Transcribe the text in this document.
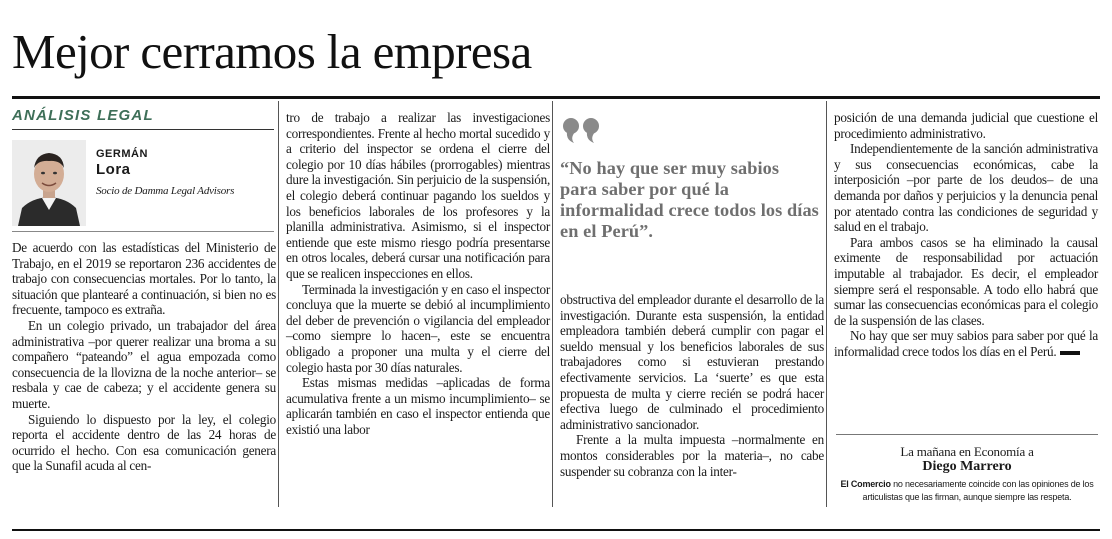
Mejor cerramos la empresa
ANÁLISIS LEGAL
GERMÁN
Lora
Socio de Damma Legal Advisors

De acuerdo con las estadísticas del Ministerio de Trabajo, en el 2019 se reportaron 236 accidentes de trabajo con consecuencias mortales. Por lo tanto, la situación que plantearé a continuación, si bien no es frecuente, tampoco es extraña.

En un colegio privado, un trabajador del área administrativa –por querer realizar una broma a su compañero “pateando” el agua empozada como consecuencia de la lloviznа de la noche anterior– se resbala y cae de cabeza; y el accidente genera su muerte.

Siguiendo lo dispuesto por la ley, el colegio reporta el accidente dentro de las 24 horas de ocurrido el hecho. Con esa comunicación genera que la Sunafil acuda al cen-

tro de trabajo a realizar las investigaciones correspondientes. Frente al hecho mortal sucedido y a criterio del inspector se ordena el cierre del colegio por 10 días hábiles (prorrogables) mientras dure la investigación. Sin perjuicio de la suspensión, el colegio deberá continuar pagando los sueldos y los beneficios laborales de los profesores y la planilla administrativa. Asimismo, si el inspector entiende que este mismo riesgo podría presentarse en otros locales, deberá cursar una notificación para que se realicen inspecciones en ellos.

Terminada la investigación y en caso el inspector concluya que la muerte se debió al incumplimiento del deber de prevención o vigilancia del empleador –como siempre lo hacen–, este se encuentra obligado a proponer una multa y el cierre del colegio hasta por 30 días naturales.

Estas mismas medidas –aplicadas de forma acumulativa frente a un mismo incumplimiento– se aplicarán también en caso el inspector entienda que existió una labor

“No hay que ser muy sabios para saber por qué la informalidad crece todos los días en el Perú”.

obstructiva del empleador durante el desarrollo de la investigación. Durante esta suspensión, la entidad empleadora también deberá cumplir con pagar el sueldo mensual y los beneficios laborales de sus trabajadores como si estuvieran prestando efectivamente servicios. La ‘suerte’ es que esta propuesta de multa y cierre recién se podrá hacer efectiva luego de culminado el procedimiento administrativo sancionador.

Frente a la multa impuesta –normalmente en montos considerables por la materia–, no cabe suspender su cobranza con la inter-

posición de una demanda judicial que cuestione el procedimiento administrativo.

Independientemente de la sanción administrativa y sus consecuencias económicas, cabe la interposición –por parte de los deudos– de una demanda por daños y perjuicios y la denuncia penal por atentado contra las condiciones de seguridad y salud en el trabajo.

Para ambos casos se ha eliminado la causal eximente de responsabilidad por actuación imputable al trabajador. Es decir, el empleador siempre será el responsable. A todo ello habrá que sumar las consecuencias económicas para el colegio de la suspensión de las clases.

No hay que ser muy sabios para saber por qué la informalidad crece todos los días en el Perú.

La mañana en Economía a
Diego Marrero
El Comercio no necesariamente coincide con las opiniones de los articulistas que las firman, aunque siempre las respeta.
